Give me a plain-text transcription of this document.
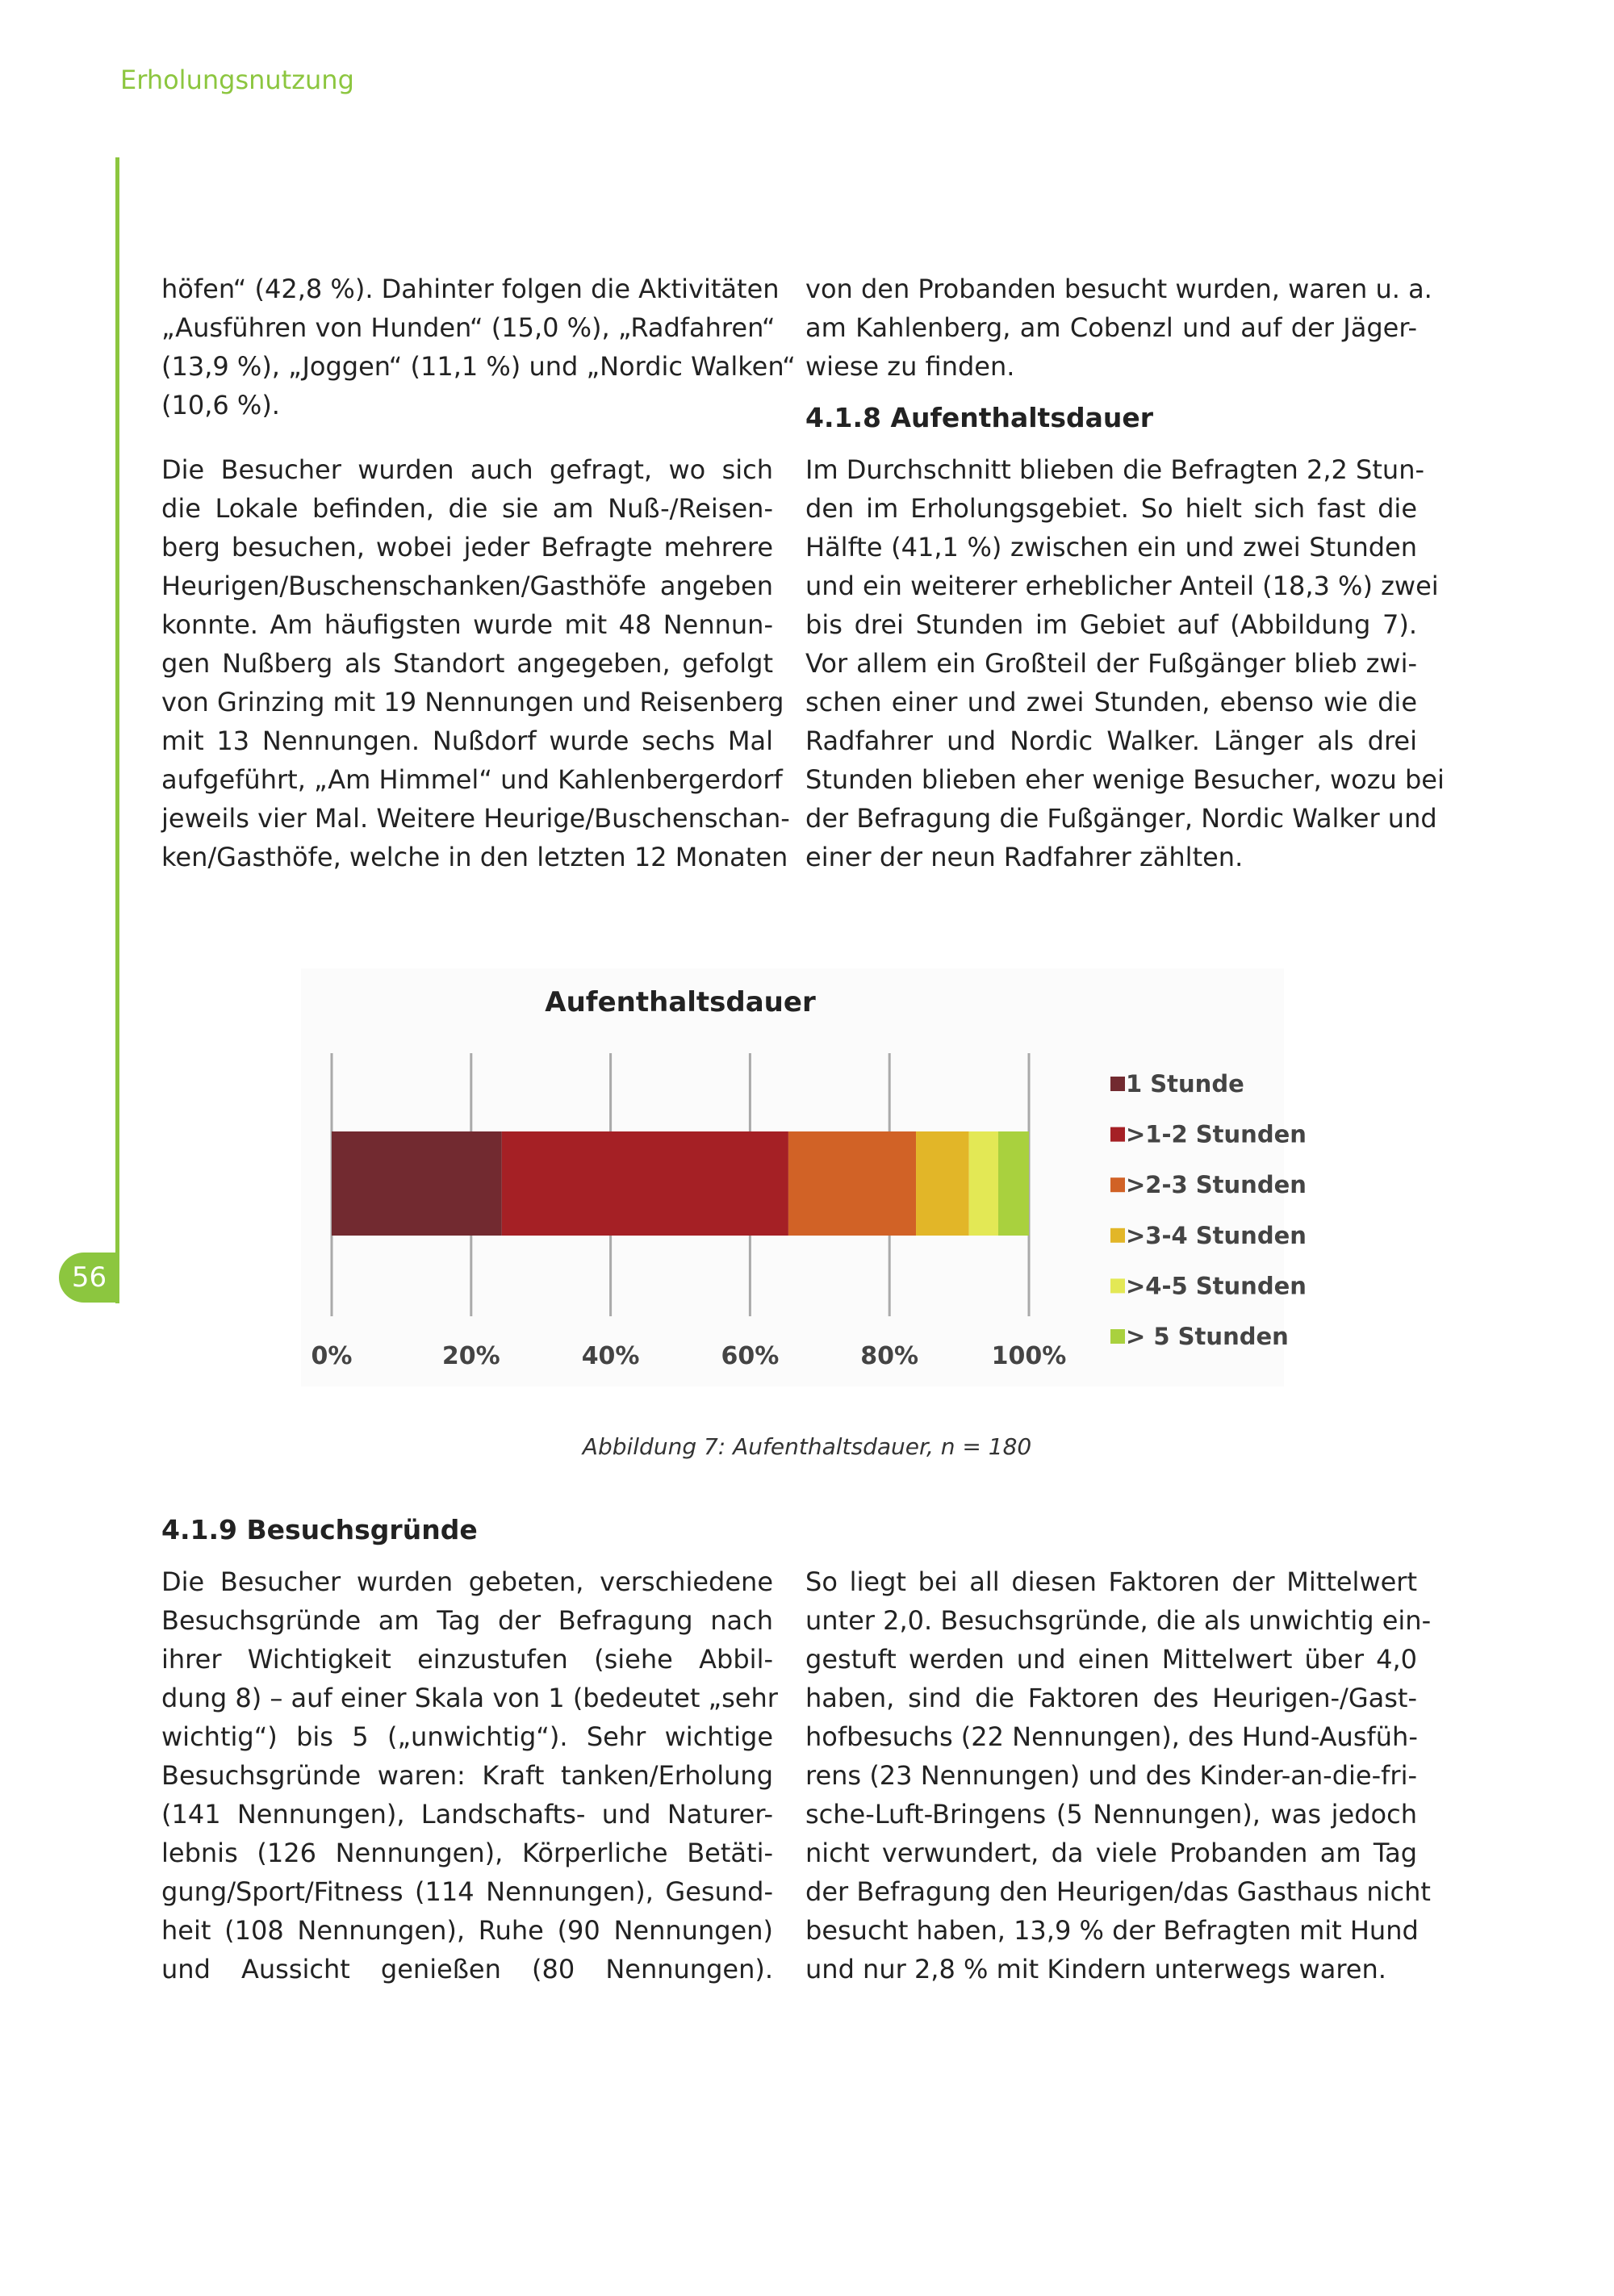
Erholungsnutzung
56
höfen“ (42,8 %). Dahinter folgen die Aktivitäten
„Ausführen von Hunden“ (15,0 %), „Radfahren“
(13,9 %), „Joggen“ (11,1 %) und „Nordic Walken“
(10,6 %).
Die Besucher wurden auch gefragt, wo sich
die Lokale befinden, die sie am Nuß-/Reisen-
berg besuchen, wobei jeder Befragte mehrere
Heurigen/Buschenschanken/Gasthöfe angeben
konnte. Am häufigsten wurde mit 48 Nennun-
gen Nußberg als Standort angegeben, gefolgt
von Grinzing mit 19 Nennungen und Reisenberg
mit 13 Nennungen. Nußdorf wurde sechs Mal
aufgeführt, „Am Himmel“ und Kahlenbergerdorf
jeweils vier Mal. Weitere Heurige/Buschenschan-
ken/Gasthöfe, welche in den letzten 12 Monaten
von den Probanden besucht wurden, waren u. a.
am Kahlenberg, am Cobenzl und auf der Jäger-
wiese zu finden.
4.1.8 Aufenthaltsdauer
Im Durchschnitt blieben die Befragten 2,2 Stun-
den im Erholungsgebiet. So hielt sich fast die
Hälfte (41,1 %) zwischen ein und zwei Stunden
und ein weiterer erheblicher Anteil (18,3 %) zwei
bis drei Stunden im Gebiet auf (Abbildung 7).
Vor allem ein Großteil der Fußgänger blieb zwi-
schen einer und zwei Stunden, ebenso wie die
Radfahrer und Nordic Walker. Länger als drei
Stunden blieben eher wenige Besucher, wozu bei
der Befragung die Fußgänger, Nordic Walker und
einer der neun Radfahrer zählten.
Aufenthaltsdauer
0%	20%	40%	60%	80%	100%
1 Stunde
>1-2 Stunden
>2-3 Stunden
>3-4 Stunden
>4-5 Stunden
> 5 Stunden
Abbildung 7: Aufenthaltsdauer, n = 180
4.1.9 Besuchsgründe
Die Besucher wurden gebeten, verschiedene
Besuchsgründe am Tag der Befragung nach
ihrer Wichtigkeit einzustufen (siehe Abbil-
dung 8) – auf einer Skala von 1 (bedeutet „sehr
wichtig“) bis 5 („unwichtig“). Sehr wichtige
Besuchsgründe waren: Kraft tanken/Erholung
(141 Nennungen), Landschafts- und Naturer-
lebnis (126 Nennungen), Körperliche Betäti-
gung/Sport/Fitness (114 Nennungen), Gesund-
heit (108 Nennungen), Ruhe (90 Nennungen)
und Aussicht genießen (80 Nennungen).
So liegt bei all diesen Faktoren der Mittelwert
unter 2,0. Besuchsgründe, die als unwichtig ein-
gestuft werden und einen Mittelwert über 4,0
haben, sind die Faktoren des Heurigen-/Gast-
hofbesuchs (22 Nennungen), des Hund-Ausfüh-
rens (23 Nennungen) und des Kinder-an-die-fri-
sche-Luft-Bringens (5 Nennungen), was jedoch
nicht verwundert, da viele Probanden am Tag
der Befragung den Heurigen/das Gasthaus nicht
besucht haben, 13,9 % der Befragten mit Hund
und nur 2,8 % mit Kindern unterwegs waren.
